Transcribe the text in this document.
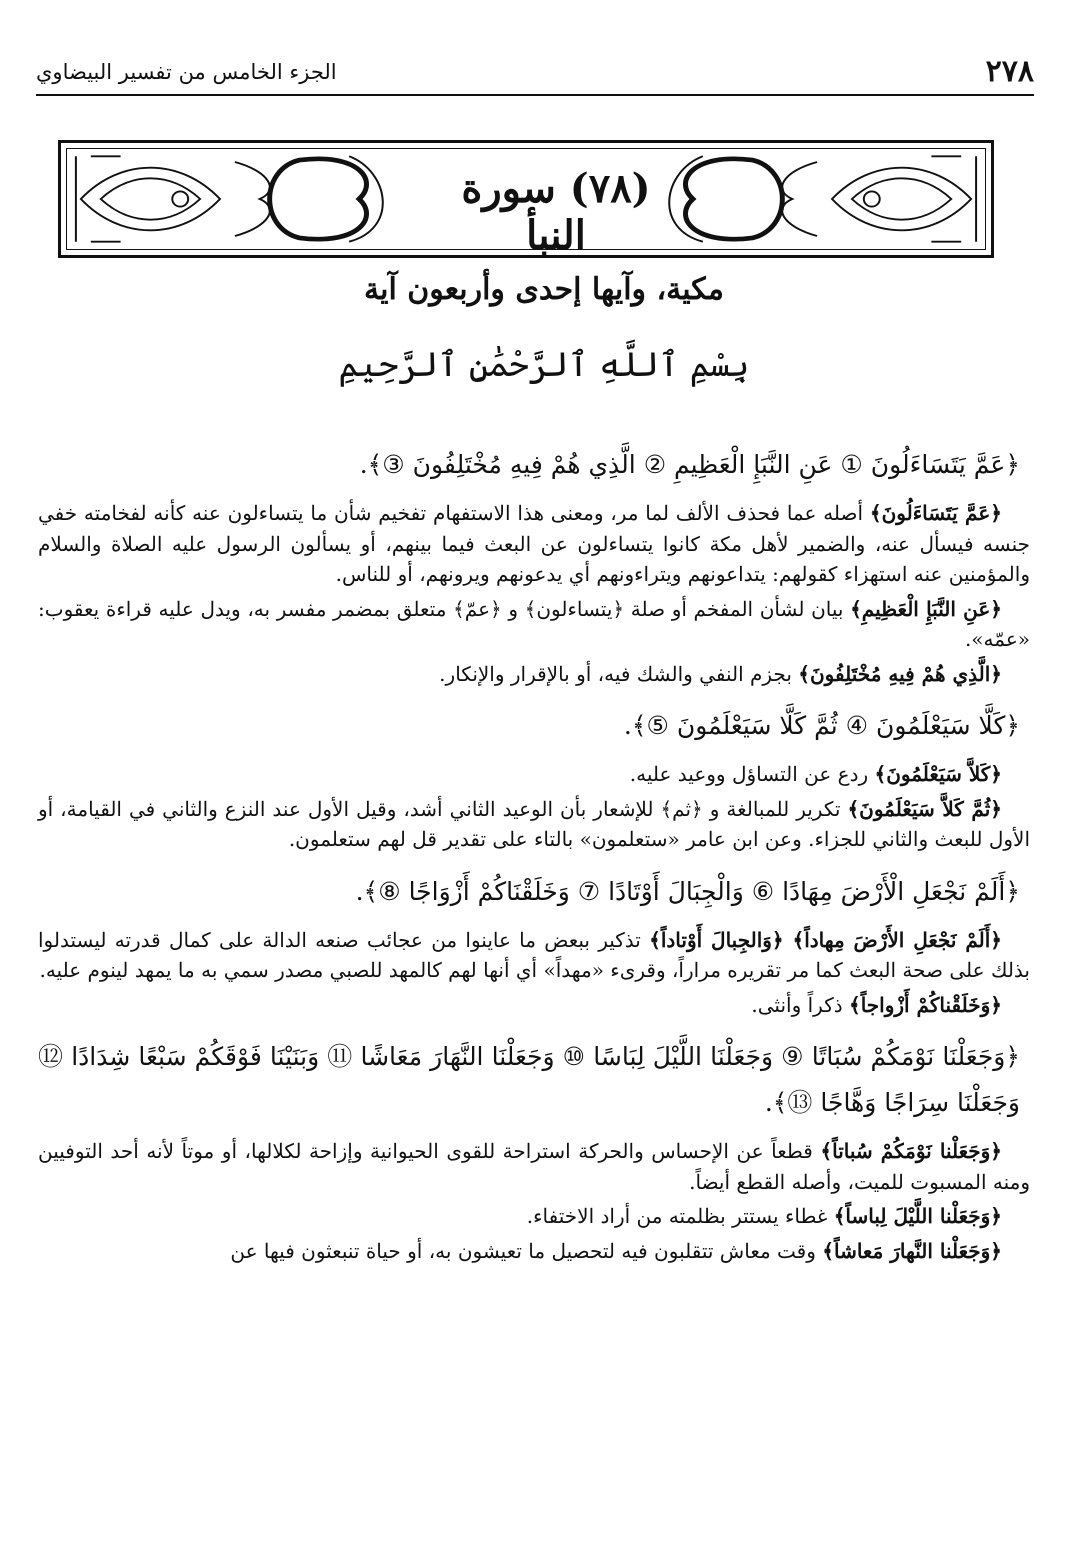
٢٧٨
الجزء الخامس من تفسير البيضاوي
(٧٨) سورة النبأ
مكية، وآيها إحدى وأربعون آية
بِسْمِ ٱللَّهِ ٱلرَّحْمَٰنِ ٱلرَّحِيمِ

﴿عَمَّ يَتَسَاءَلُونَ ① عَنِ النَّبَإِ الْعَظِيمِ ② الَّذِي هُمْ فِيهِ مُخْتَلِفُونَ ③﴾.

﴿عَمَّ يَتَسَاءَلُونَ﴾ أصله عما فحذف الألف لما مر، ومعنى هذا الاستفهام تفخيم شأن ما يتساءلون عنه كأنه لفخامته خفي جنسه فيسأل عنه، والضمير لأهل مكة كانوا يتساءلون عن البعث فيما بينهم، أو يسألون الرسول عليه الصلاة والسلام والمؤمنين عنه استهزاء كقولهم: يتداعونهم ويتراءونهم أي يدعونهم ويرونهم، أو للناس.

﴿عَنِ النَّبَإِ الْعَظِيمِ﴾ بيان لشأن المفخم أو صلة ﴿يتساءلون﴾ و ﴿عمّ﴾ متعلق بمضمر مفسر به، ويدل عليه قراءة يعقوب: «عمّه».

﴿الَّذِي هُمْ فِيهِ مُخْتَلِفُونَ﴾ بجزم النفي والشك فيه، أو بالإقرار والإنكار.

﴿كَلَّا سَيَعْلَمُونَ ④ ثُمَّ كَلَّا سَيَعْلَمُونَ ⑤﴾.

﴿كَلاَّ سَيَعْلَمُونَ﴾ ردع عن التساؤل ووعيد عليه.

﴿ثُمَّ كَلاَّ سَيَعْلَمُونَ﴾ تكرير للمبالغة و ﴿ثم﴾ للإشعار بأن الوعيد الثاني أشد، وقيل الأول عند النزع والثاني في القيامة، أو الأول للبعث والثاني للجزاء. وعن ابن عامر «ستعلمون» بالتاء على تقدير قل لهم ستعلمون.

﴿أَلَمْ نَجْعَلِ الْأَرْضَ مِهَادًا ⑥ وَالْجِبَالَ أَوْتَادًا ⑦ وَخَلَقْنَاكُمْ أَزْوَاجًا ⑧﴾.

﴿أَلَمْ نَجْعَلِ الأَرْضَ مِهاداً﴾ ﴿وَالجِبالَ أَوْتاداً﴾ تذكير ببعض ما عاينوا من عجائب صنعه الدالة على كمال قدرته ليستدلوا بذلك على صحة البعث كما مر تقريره مراراً، وقرىء «مهداً» أي أنها لهم كالمهد للصبي مصدر سمي به ما يمهد لينوم عليه.

﴿وَخَلَقْناكُمْ أَزْواجاً﴾ ذكراً وأنثى.

﴿وَجَعَلْنَا نَوْمَكُمْ سُبَاتًا ⑨ وَجَعَلْنَا اللَّيْلَ لِبَاسًا ⑩ وَجَعَلْنَا النَّهَارَ مَعَاشًا ⑪ وَبَنَيْنَا فَوْقَكُمْ سَبْعًا شِدَادًا ⑫ وَجَعَلْنَا سِرَاجًا وَهَّاجًا ⑬﴾.

﴿وَجَعَلْنا نَوْمَكُمْ سُباتاً﴾ قطعاً عن الإحساس والحركة استراحة للقوى الحيوانية وإزاحة لكلالها، أو موتاً لأنه أحد التوفيين ومنه المسبوت للميت، وأصله القطع أيضاً.

﴿وَجَعَلْنا اللَّيْلَ لِباساً﴾ غطاء يستتر بظلمته من أراد الاختفاء.

﴿وَجَعَلْنا النَّهارَ مَعاشاً﴾ وقت معاش تتقلبون فيه لتحصيل ما تعيشون به، أو حياة تنبعثون فيها عن
